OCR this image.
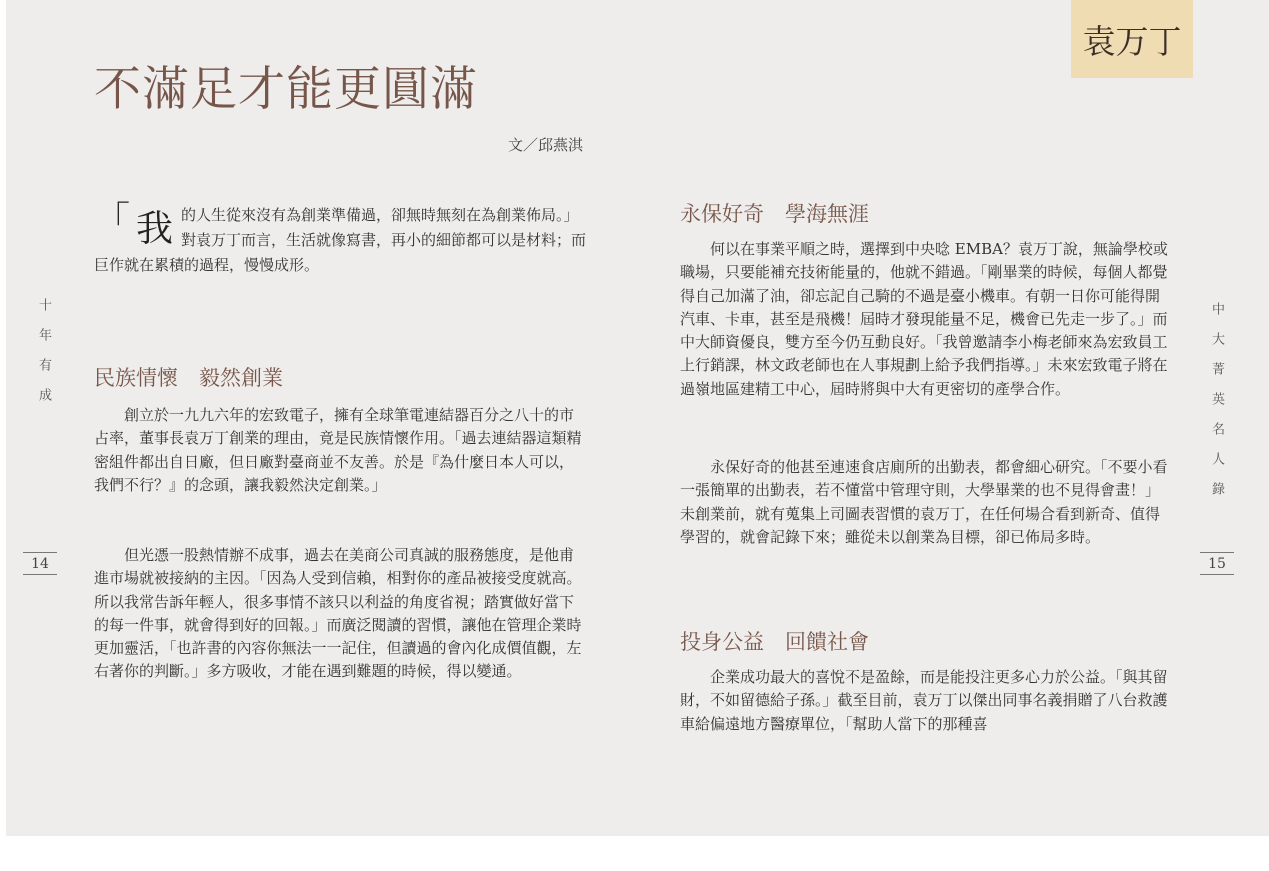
袁万丁
不滿足才能更圓滿
文／邱燕淇
「 我 的人生從來沒有為創業準備過，卻無時無刻在為創業佈局。」對袁万丁而言，生活就像寫書，再小的細節都可以是材料；而巨作就在累積的過程，慢慢成形。
十年有成	中大菁英名人錄
14	15
民族情懷　毅然創業

創立於一九九六年的宏致電子，擁有全球筆電連結器百分之八十的市占率，董事長袁万丁創業的理由，竟是民族情懷作用。「過去連結器這類精密組件都出自日廠，但日廠對臺商並不友善。於是『為什麼日本人可以，我們不行？』的念頭，讓我毅然決定創業。」

但光憑一股熱情辦不成事，過去在美商公司真誠的服務態度，是他甫進市場就被接納的主因。「因為人受到信賴，相對你的產品被接受度就高。所以我常告訴年輕人，很多事情不該只以利益的角度省視；踏實做好當下的每一件事，就會得到好的回報。」而廣泛閱讀的習慣，讓他在管理企業時更加靈活，「也許書的內容你無法一一記住，但讀過的會內化成價值觀，左右著你的判斷。」多方吸收，才能在遇到難題的時候，得以變通。

永保好奇　學海無涯

何以在事業平順之時，選擇到中央唸 EMBA？袁万丁說，無論學校或職場，只要能補充技術能量的，他就不錯過。「剛畢業的時候，每個人都覺得自己加滿了油，卻忘記自己騎的不過是臺小機車。有朝一日你可能得開汽車、卡車，甚至是飛機！屆時才發現能量不足，機會已先走一步了。」而中大師資優良，雙方至今仍互動良好。「我曾邀請李小梅老師來為宏致員工上行銷課，林文政老師也在人事規劃上給予我們指導。」未來宏致電子將在過嶺地區建精工中心，屆時將與中大有更密切的產學合作。

永保好奇的他甚至連速食店廁所的出勤表，都會細心研究。「不要小看一張簡單的出勤表，若不懂當中管理守則，大學畢業的也不見得會畫！」未創業前，就有蒐集上司圖表習慣的袁万丁，在任何場合看到新奇、值得學習的，就會記錄下來；雖從未以創業為目標，卻已佈局多時。

投身公益　回饋社會

企業成功最大的喜悅不是盈餘，而是能投注更多心力於公益。「與其留財，不如留德給子孫。」截至目前，袁万丁以傑出同事名義捐贈了八台救護車給偏遠地方醫療單位，「幫助人當下的那種喜
